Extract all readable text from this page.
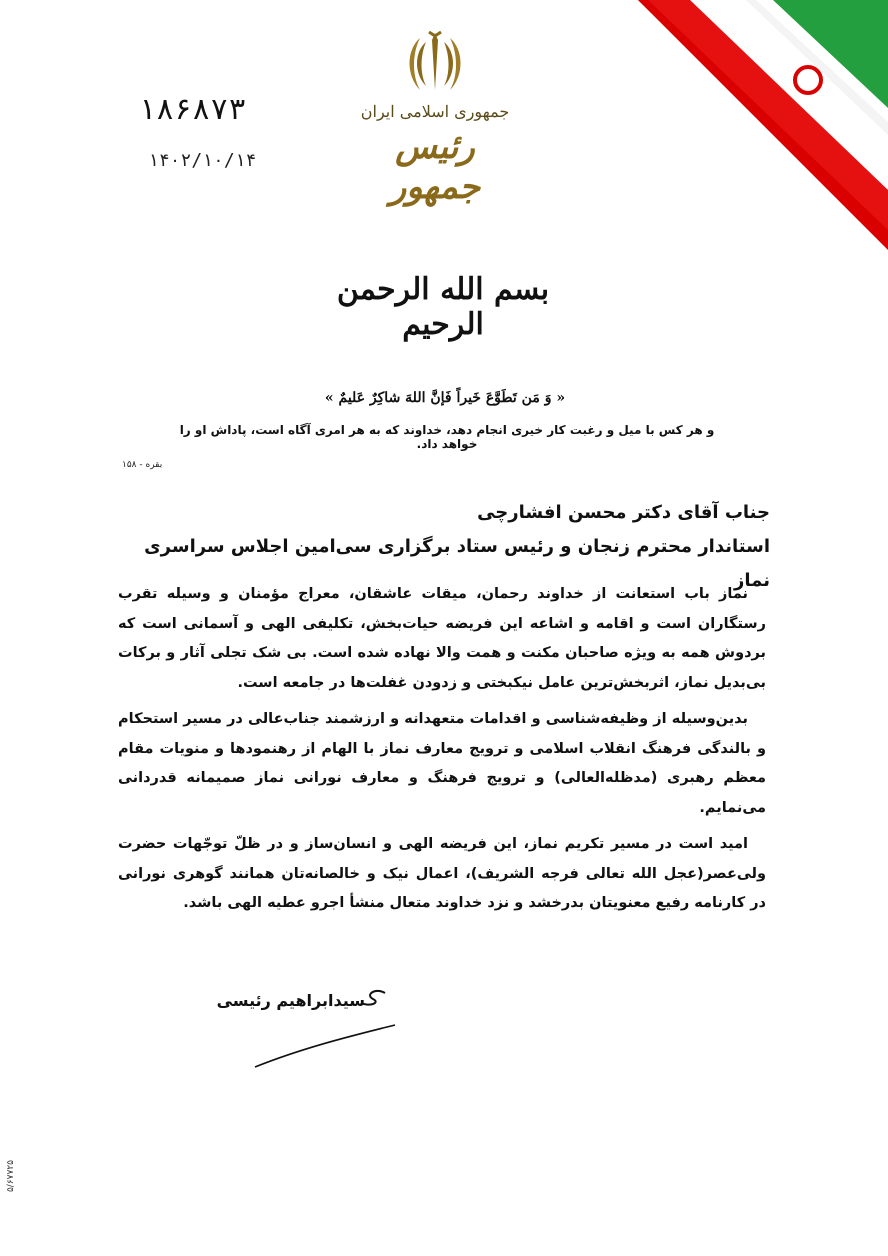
۱۸۶۸۷۳
۱۴۰۲/۱۰/۱۴
جمهوری اسلامی ایران
رئیس جمهور
بسم الله الرحمن الرحیم
« وَ مَن تَطَوَّعَ خَیراً فَإنَّ اللهَ شاکِرٌ عَلیمٌ »
و هر کس با میل و رغبت کار خیری انجام دهد، خداوند که به هر امری آگاه است، پاداش او را خواهد داد.
بقره - ۱۵۸
جناب آقای دکتر محسن افشارچی
استاندار محترم زنجان و رئیس ستاد برگزاری سی‌امین اجلاس سراسری نماز

نماز باب استعانت از خداوند رحمان، میقات عاشقان، معراج مؤمنان و وسیله تقرب رستگاران است و اقامه و اشاعه این فریضه حیات‌بخش، تکلیفی الهی و آسمانی است که بردوش همه به ویژه صاحبان مکنت و همت والا نهاده شده است. بی شک تجلی آثار و برکات بی‌بدیل نماز، اثربخش‌ترین عامل نیکبختی و زدودن غفلت‌ها در جامعه است.

بدین‌وسیله از وظیفه‌شناسی و اقدامات متعهدانه و ارزشمند جناب‌عالی در مسیر استحکام و بالندگی فرهنگ انقلاب اسلامی و ترویج معارف نماز با الهام از رهنمودها و منویات مقام معظم رهبری (مدظله‌العالی) و ترویج فرهنگ و معارف نورانی نماز صمیمانه قدردانی می‌نمایم.

امید است در مسیر تکریم نماز، این فریضه الهی و انسان‌ساز و در ظلّ توجّهات حضرت ولی‌عصر(عجل الله تعالی فرجه الشریف)، اعمال نیک و خالصانه‌تان همانند گوهری نورانی در کارنامه رفیع معنویتان بدرخشد و نزد خداوند متعال منشأ اجرو عطیه الهی باشد.

سیدابراهیم رئیسی
۵/۶۷۷۲۵
